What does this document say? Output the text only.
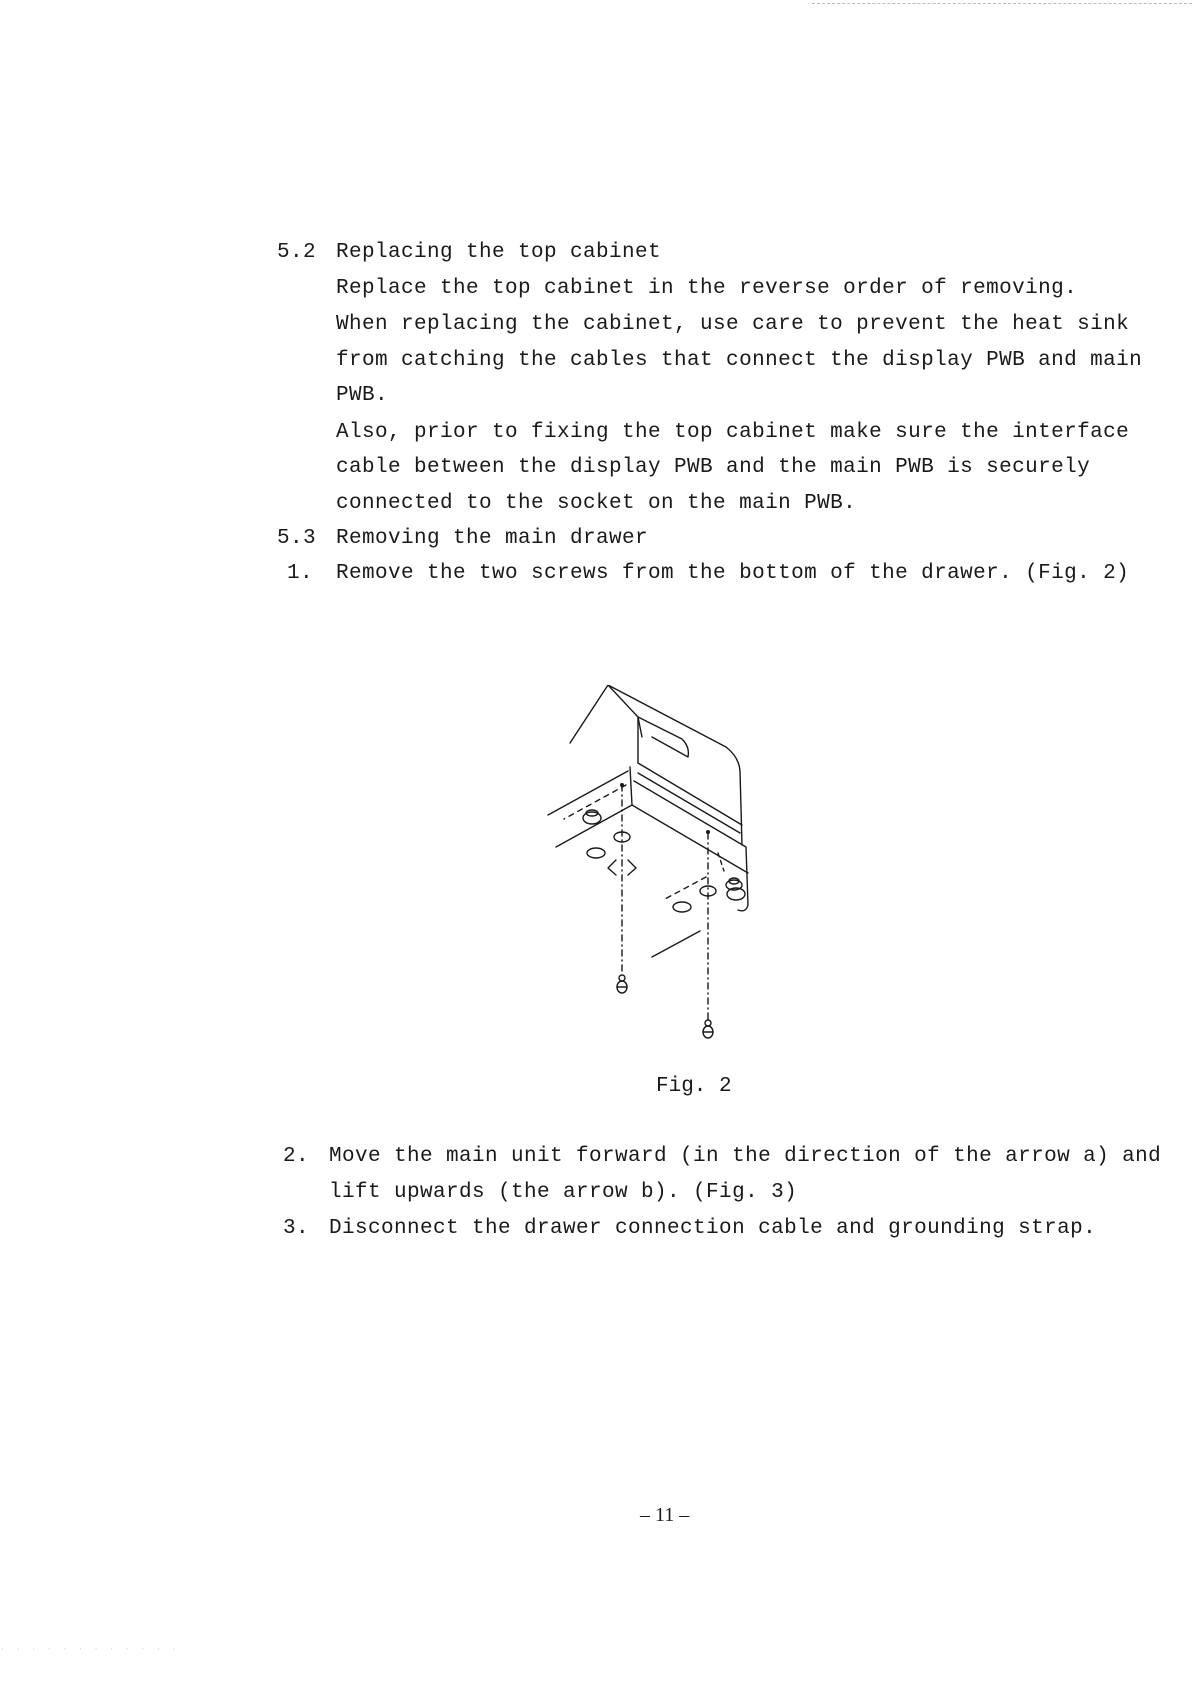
5.2 Replacing the top cabinet
Replace the top cabinet in the reverse order of removing.
When replacing the cabinet, use care to prevent the heat sink
from catching the cables that connect the display PWB and main
PWB.
Also, prior to fixing the top cabinet make sure the interface
cable between the display PWB and the main PWB is securely
connected to the socket on the main PWB.
5.3 Removing the main drawer
1. Remove the two screws from the bottom of the drawer. (Fig. 2)
Fig. 2
2. Move the main unit forward (in the direction of the arrow a) and
lift upwards (the arrow b). (Fig. 3)
3. Disconnect the drawer connection cable and grounding strap.
– 11 –
· · · · · · · · · · · ·
